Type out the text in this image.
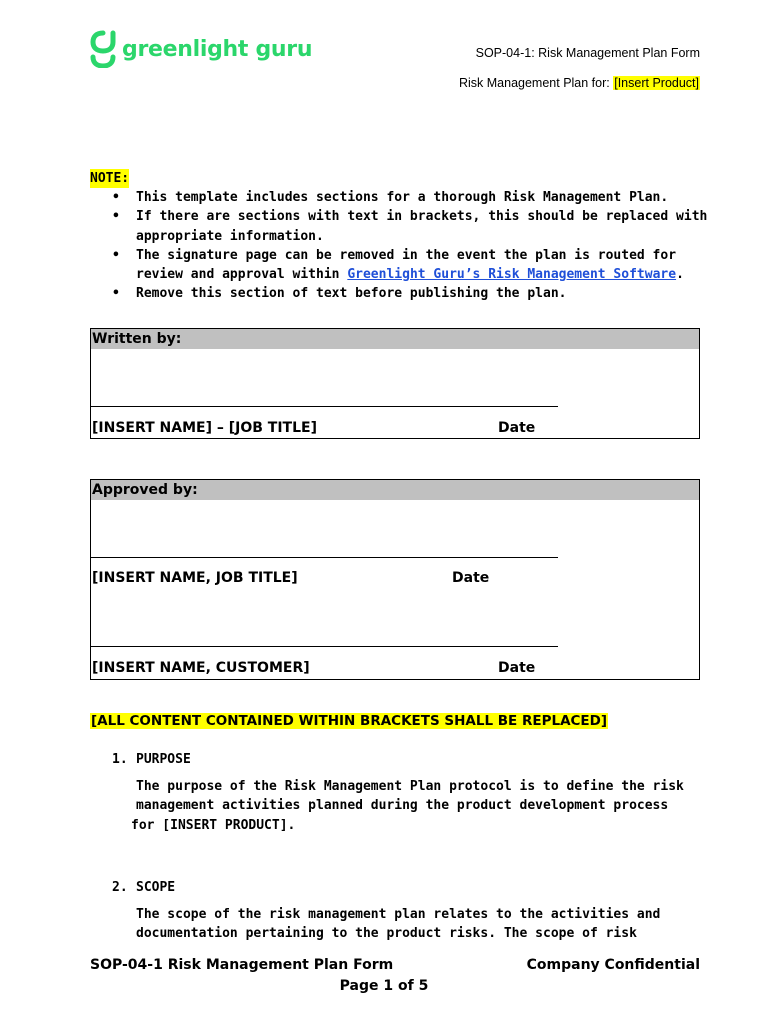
greenlight guru	SOP-04-1: Risk Management Plan Form
Risk Management Plan for: [Insert Product]
NOTE:
• This template includes sections for a thorough Risk Management Plan.
• If there are sections with text in brackets, this should be replaced with appropriate information.
• The signature page can be removed in the event the plan is routed for review and approval within Greenlight Guru’s Risk Management Software.
• Remove this section of text before publishing the plan.
Written by:
[INSERT NAME] – [JOB TITLE]	Date
Approved by:
[INSERT NAME, JOB TITLE]	Date
[INSERT NAME, CUSTOMER]	Date
[ALL CONTENT CONTAINED WITHIN BRACKETS SHALL BE REPLACED]
1. PURPOSE
The purpose of the Risk Management Plan protocol is to define the risk
management activities planned during the product development process
for [INSERT PRODUCT].
2. SCOPE
The scope of the risk management plan relates to the activities and
documentation pertaining to the product risks. The scope of risk
SOP-04-1 Risk Management Plan Form	Company Confidential
Page 1 of 5
